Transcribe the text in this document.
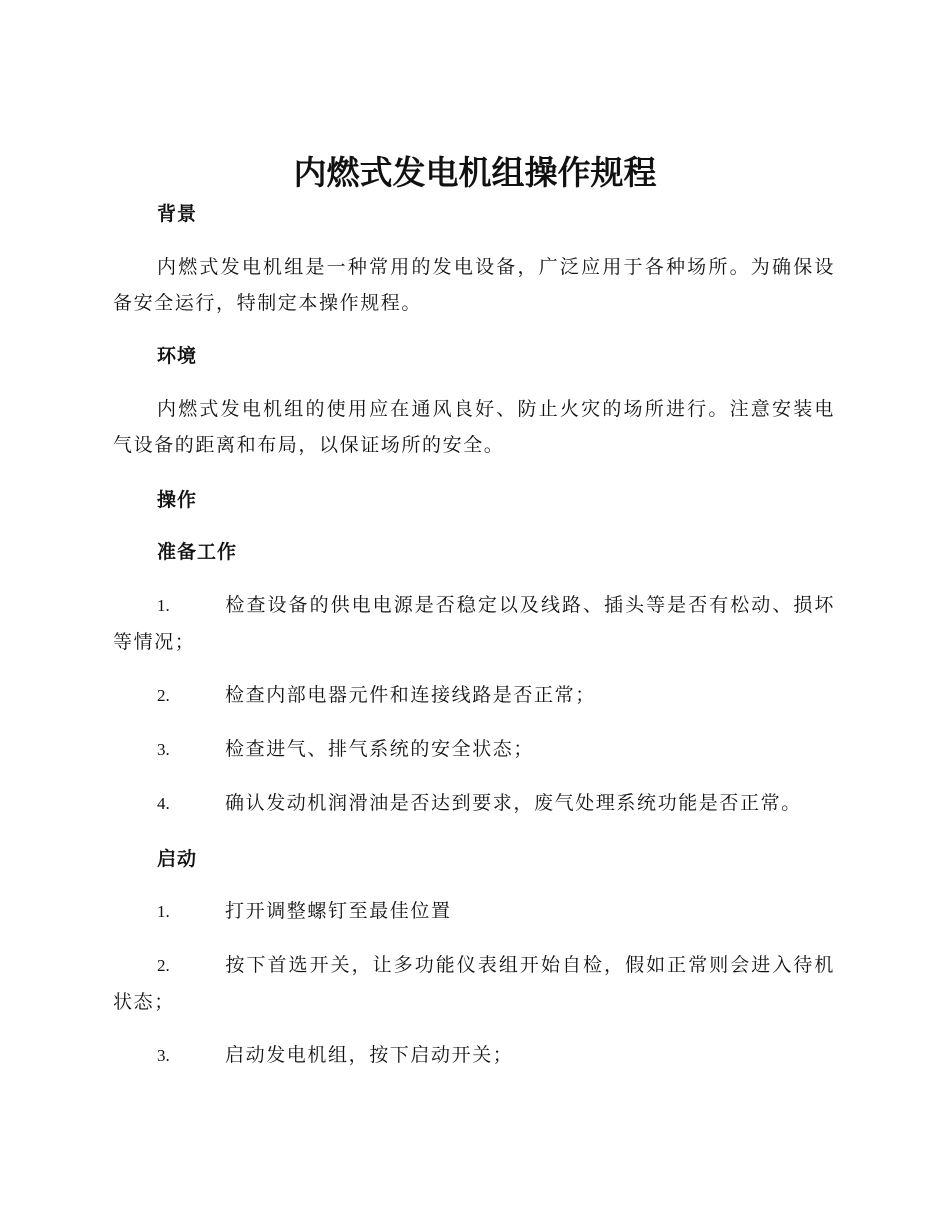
内燃式发电机组操作规程
背景
内燃式发电机组是一种常用的发电设备，广泛应用于各种场所。为确保设备安全运行，特制定本操作规程。
环境
内燃式发电机组的使用应在通风良好、防止火灾的场所进行。注意安装电气设备的距离和布局，以保证场所的安全。
操作
准备工作
1.	检查设备的供电电源是否稳定以及线路、插头等是否有松动、损坏等情况；
2.	检查内部电器元件和连接线路是否正常；
3.	检查进气、排气系统的安全状态；
4.	确认发动机润滑油是否达到要求，废气处理系统功能是否正常。
启动
1.	打开调整螺钉至最佳位置
2.	按下首选开关，让多功能仪表组开始自检，假如正常则会进入待机状态；
3.	启动发电机组，按下启动开关；
